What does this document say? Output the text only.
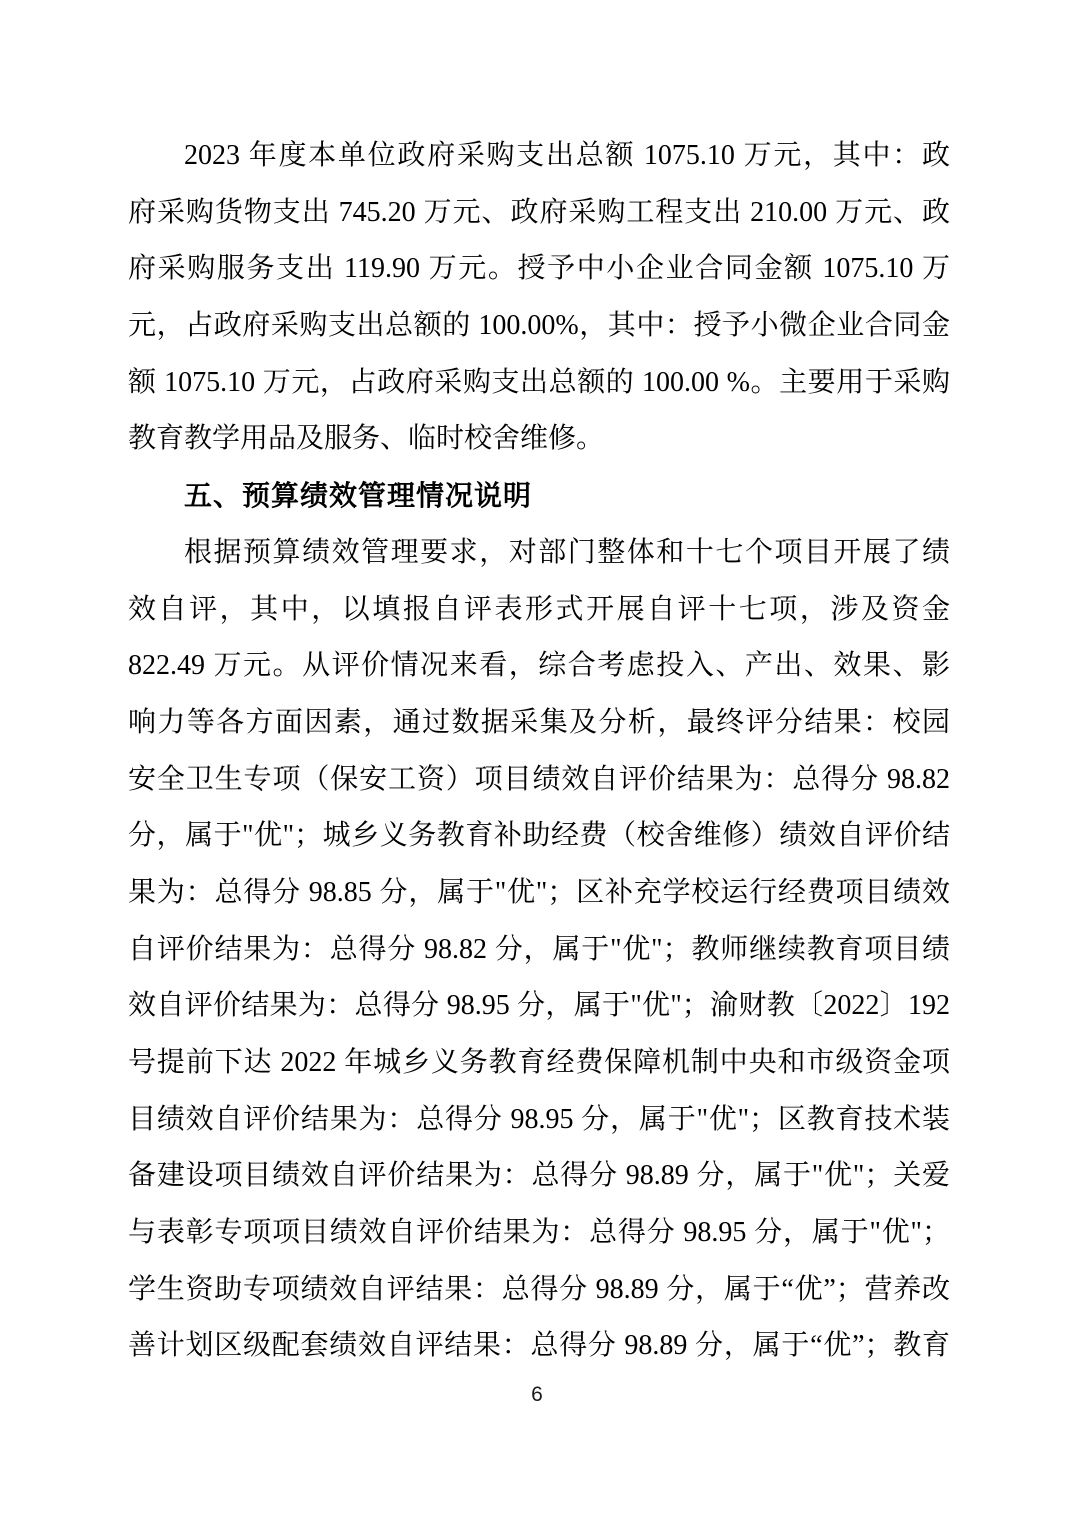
2023 年度本单位政府采购支出总额 1075.10 万元，其中：政
府采购货物支出 745.20 万元、政府采购工程支出 210.00 万元、政
府采购服务支出 119.90 万元。授予中小企业合同金额 1075.10 万
元，占政府采购支出总额的 100.00%，其中：授予小微企业合同金
额 1075.10 万元，占政府采购支出总额的 100.00 %。主要用于采购
教育教学用品及服务、临时校舍维修。
五、预算绩效管理情况说明
根据预算绩效管理要求，对部门整体和十七个项目开展了绩
效自评，其中，以填报自评表形式开展自评十七项，涉及资金
822.49 万元。从评价情况来看，综合考虑投入、产出、效果、影
响力等各方面因素，通过数据采集及分析，最终评分结果：校园
安全卫生专项（保安工资）项目绩效自评价结果为：总得分 98.82
分，属于"优"；城乡义务教育补助经费（校舍维修）绩效自评价结
果为：总得分 98.85 分，属于"优"；区补充学校运行经费项目绩效
自评价结果为：总得分 98.82 分，属于"优"；教师继续教育项目绩
效自评价结果为：总得分 98.95 分，属于"优"；渝财教〔2022〕192
号提前下达 2022 年城乡义务教育经费保障机制中央和市级资金项
目绩效自评价结果为：总得分 98.95 分，属于"优"；区教育技术装
备建设项目绩效自评价结果为：总得分 98.89 分，属于"优"；关爱
与表彰专项项目绩效自评价结果为：总得分 98.95 分，属于"优"；
学生资助专项绩效自评结果：总得分 98.89 分，属于“优”；营养改
善计划区级配套绩效自评结果：总得分 98.89 分，属于“优”；教育
6
